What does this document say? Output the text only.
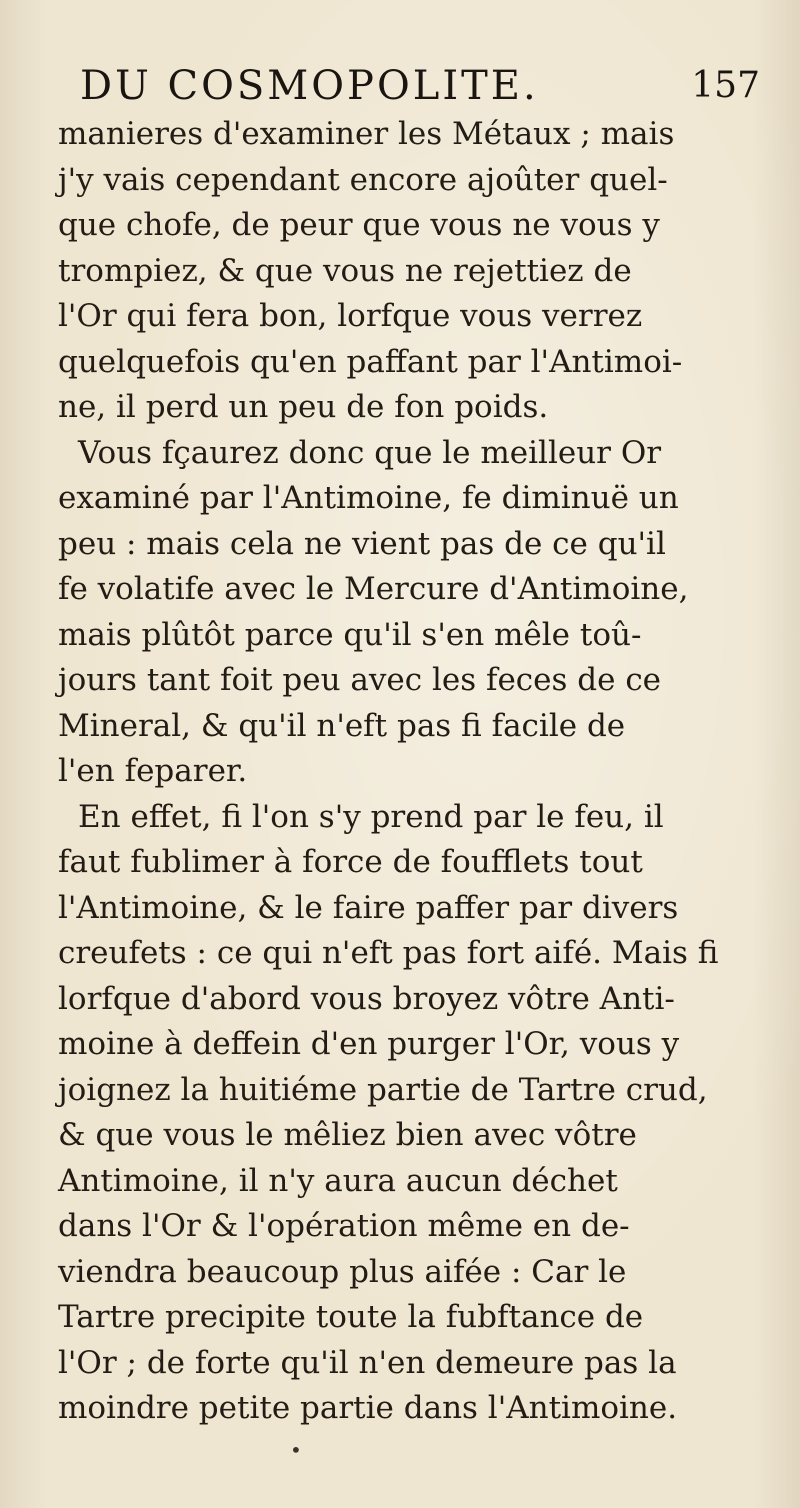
DU COSMOPOLITE.	157
manieres d'examiner les Métaux ; mais
j'y vais cependant encore ajoûter quel-
que chofe, de peur que vous ne vous y
trompiez, & que vous ne rejettiez de
l'Or qui fera bon, lorfque vous verrez
quelquefois qu'en paffant par l'Antimoi-
ne, il perd un peu de fon poids.
Vous fçaurez donc que le meilleur Or
examiné par l'Antimoine, fe diminuë un
peu : mais cela ne vient pas de ce qu'il
fe volatife avec le Mercure d'Antimoine,
mais plûtôt parce qu'il s'en mêle toû-
jours tant foit peu avec les feces de ce
Mineral, & qu'il n'eft pas fi facile de
l'en feparer.
En effet, fi l'on s'y prend par le feu, il
faut fublimer à force de foufflets tout
l'Antimoine, & le faire paffer par divers
creufets : ce qui n'eft pas fort aifé. Mais fi
lorfque d'abord vous broyez vôtre Anti-
moine à deffein d'en purger l'Or, vous y
joignez la huitiéme partie de Tartre crud,
& que vous le mêliez bien avec vôtre
Antimoine, il n'y aura aucun déchet
dans l'Or & l'opération même en de-
viendra beaucoup plus aifée : Car le
Tartre precipite toute la fubftance de
l'Or ; de forte qu'il n'en demeure pas la
moindre petite partie dans l'Antimoine.
•
